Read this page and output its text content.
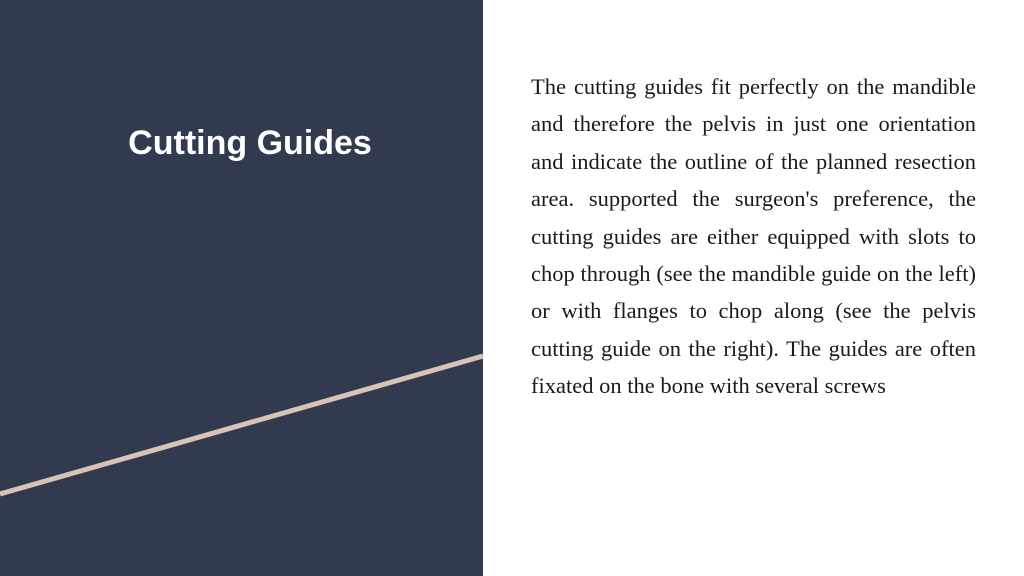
Cutting Guides

The cutting guides fit perfectly on the mandible and therefore the pelvis in just one orientation and indicate the outline of the planned resection area. supported the surgeon's preference, the cutting guides are either equipped with slots to chop through (see the mandible guide on the left) or with flanges to chop along (see the pelvis cutting guide on the right). The guides are often fixated on the bone with several screws
